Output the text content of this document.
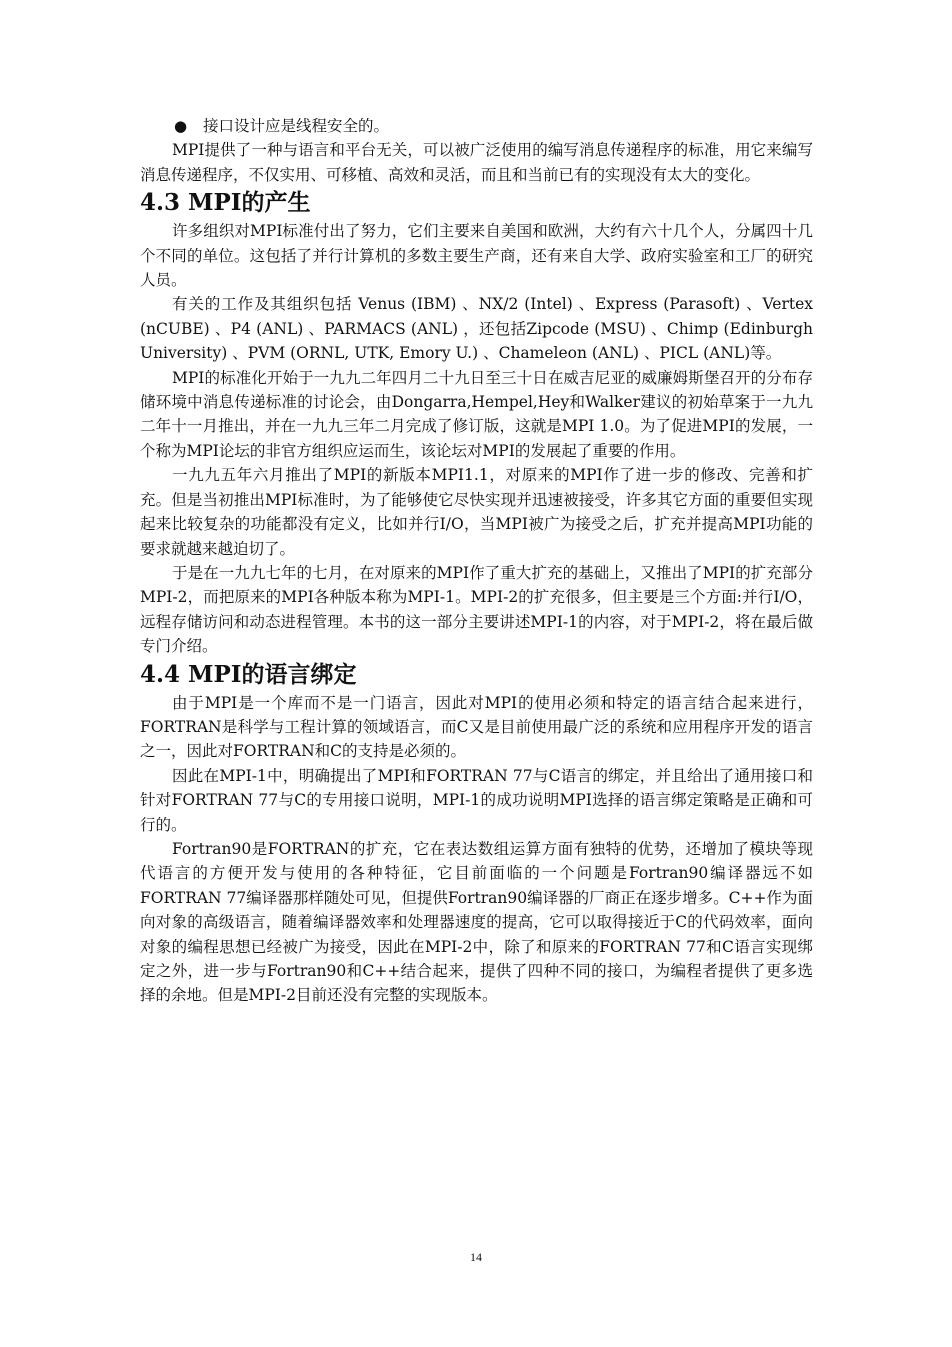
●	接口设计应是线程安全的。

MPI提供了一种与语言和平台无关，可以被广泛使用的编写消息传递程序的标准，用它来编写消息传递程序，不仅实用、可移植、高效和灵活，而且和当前已有的实现没有太大的变化。

4.3 MPI的产生

许多组织对MPI标准付出了努力，它们主要来自美国和欧洲，大约有六十几个人，分属四十几个不同的单位。这包括了并行计算机的多数主要生产商，还有来自大学、政府实验室和工厂的研究人员。

有关的工作及其组织包括 Venus (IBM) 、NX/2 (Intel) 、Express (Parasoft) 、Vertex (nCUBE) 、P4 (ANL) 、PARMACS (ANL) ，还包括Zipcode (MSU) 、Chimp (Edinburgh University) 、PVM (ORNL, UTK, Emory U.) 、Chameleon (ANL) 、PICL (ANL)等。

MPI的标准化开始于一九九二年四月二十九日至三十日在威吉尼亚的威廉姆斯堡召开的分布存储环境中消息传递标准的讨论会，由Dongarra,Hempel,Hey和Walker建议的初始草案于一九九二年十一月推出，并在一九九三年二月完成了修订版，这就是MPI 1.0。为了促进MPI的发展，一个称为MPI论坛的非官方组织应运而生，该论坛对MPI的发展起了重要的作用。

一九九五年六月推出了MPI的新版本MPI1.1，对原来的MPI作了进一步的修改、完善和扩充。但是当初推出MPI标准时，为了能够使它尽快实现并迅速被接受，许多其它方面的重要但实现起来比较复杂的功能都没有定义，比如并行I/O，当MPI被广为接受之后，扩充并提高MPI功能的要求就越来越迫切了。

于是在一九九七年的七月，在对原来的MPI作了重大扩充的基础上，又推出了MPI的扩充部分MPI-2，而把原来的MPI各种版本称为MPI-1。MPI-2的扩充很多，但主要是三个方面:并行I/O，远程存储访问和动态进程管理。本书的这一部分主要讲述MPI-1的内容，对于MPI-2，将在最后做专门介绍。

4.4 MPI的语言绑定

由于MPI是一个库而不是一门语言，因此对MPI的使用必须和特定的语言结合起来进行，FORTRAN是科学与工程计算的领域语言，而C又是目前使用最广泛的系统和应用程序开发的语言之一，因此对FORTRAN和C的支持是必须的。

因此在MPI-1中，明确提出了MPI和FORTRAN 77与C语言的绑定，并且给出了通用接口和针对FORTRAN 77与C的专用接口说明，MPI-1的成功说明MPI选择的语言绑定策略是正确和可行的。

Fortran90是FORTRAN的扩充，它在表达数组运算方面有独特的优势，还增加了模块等现代语言的方便开发与使用的各种特征，它目前面临的一个问题是Fortran90编译器远不如FORTRAN 77编译器那样随处可见，但提供Fortran90编译器的厂商正在逐步增多。C++作为面向对象的高级语言，随着编译器效率和处理器速度的提高，它可以取得接近于C的代码效率，面向对象的编程思想已经被广为接受，因此在MPI-2中，除了和原来的FORTRAN 77和C语言实现绑定之外，进一步与Fortran90和C++结合起来，提供了四种不同的接口，为编程者提供了更多选择的余地。但是MPI-2目前还没有完整的实现版本。

14
